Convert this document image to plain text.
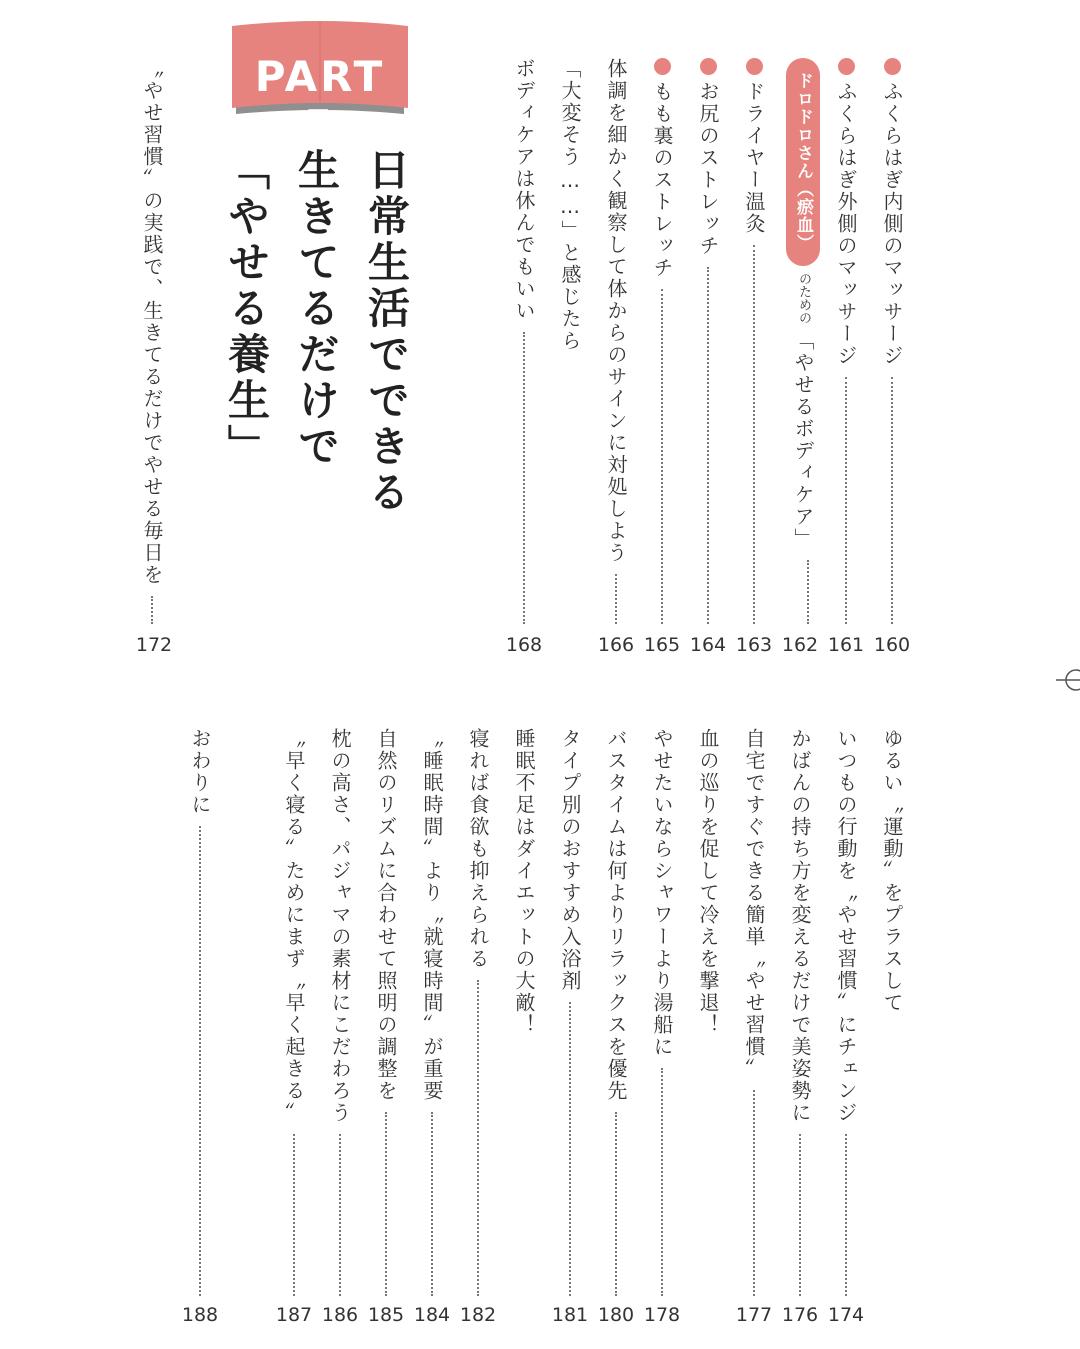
PART 5
日常生活でできる
生きてるだけで
「やせる養生」
〝やせ習慣〟の実践で、生きてるだけでやせる毎日を
172
ふくらはぎ内側のマッサージ
160
ふくらはぎ外側のマッサージ
161
ドロドロさん（瘀血）
のための
「やせるボディケア」
162
ドライヤー温灸
163
お尻のストレッチ
164
もも裏のストレッチ
165
体調を細かく観察して体からのサインに対処しよう
166
「大変そう……」と感じたら
ボディケアは休んでもいい
168
ゆるい〝運動〟をプラスして
いつもの行動を〝やせ習慣〟にチェンジ
174
かばんの持ち方を変えるだけで美姿勢に
176
自宅ですぐできる簡単〝やせ習慣〟
177
血の巡りを促して冷えを撃退！
やせたいならシャワーより湯船に
178
バスタイムは何よりリラックスを優先
180
タイプ別のおすすめ入浴剤
181
睡眠不足はダイエットの大敵！
寝れば食欲も抑えられる
182
〝睡眠時間〟より〝就寝時間〟が重要
184
自然のリズムに合わせて照明の調整を
185
枕の高さ、パジャマの素材にこだわろう
186
〝早く寝る〟ためにまず〝早く起きる〟
187
おわりに
188
